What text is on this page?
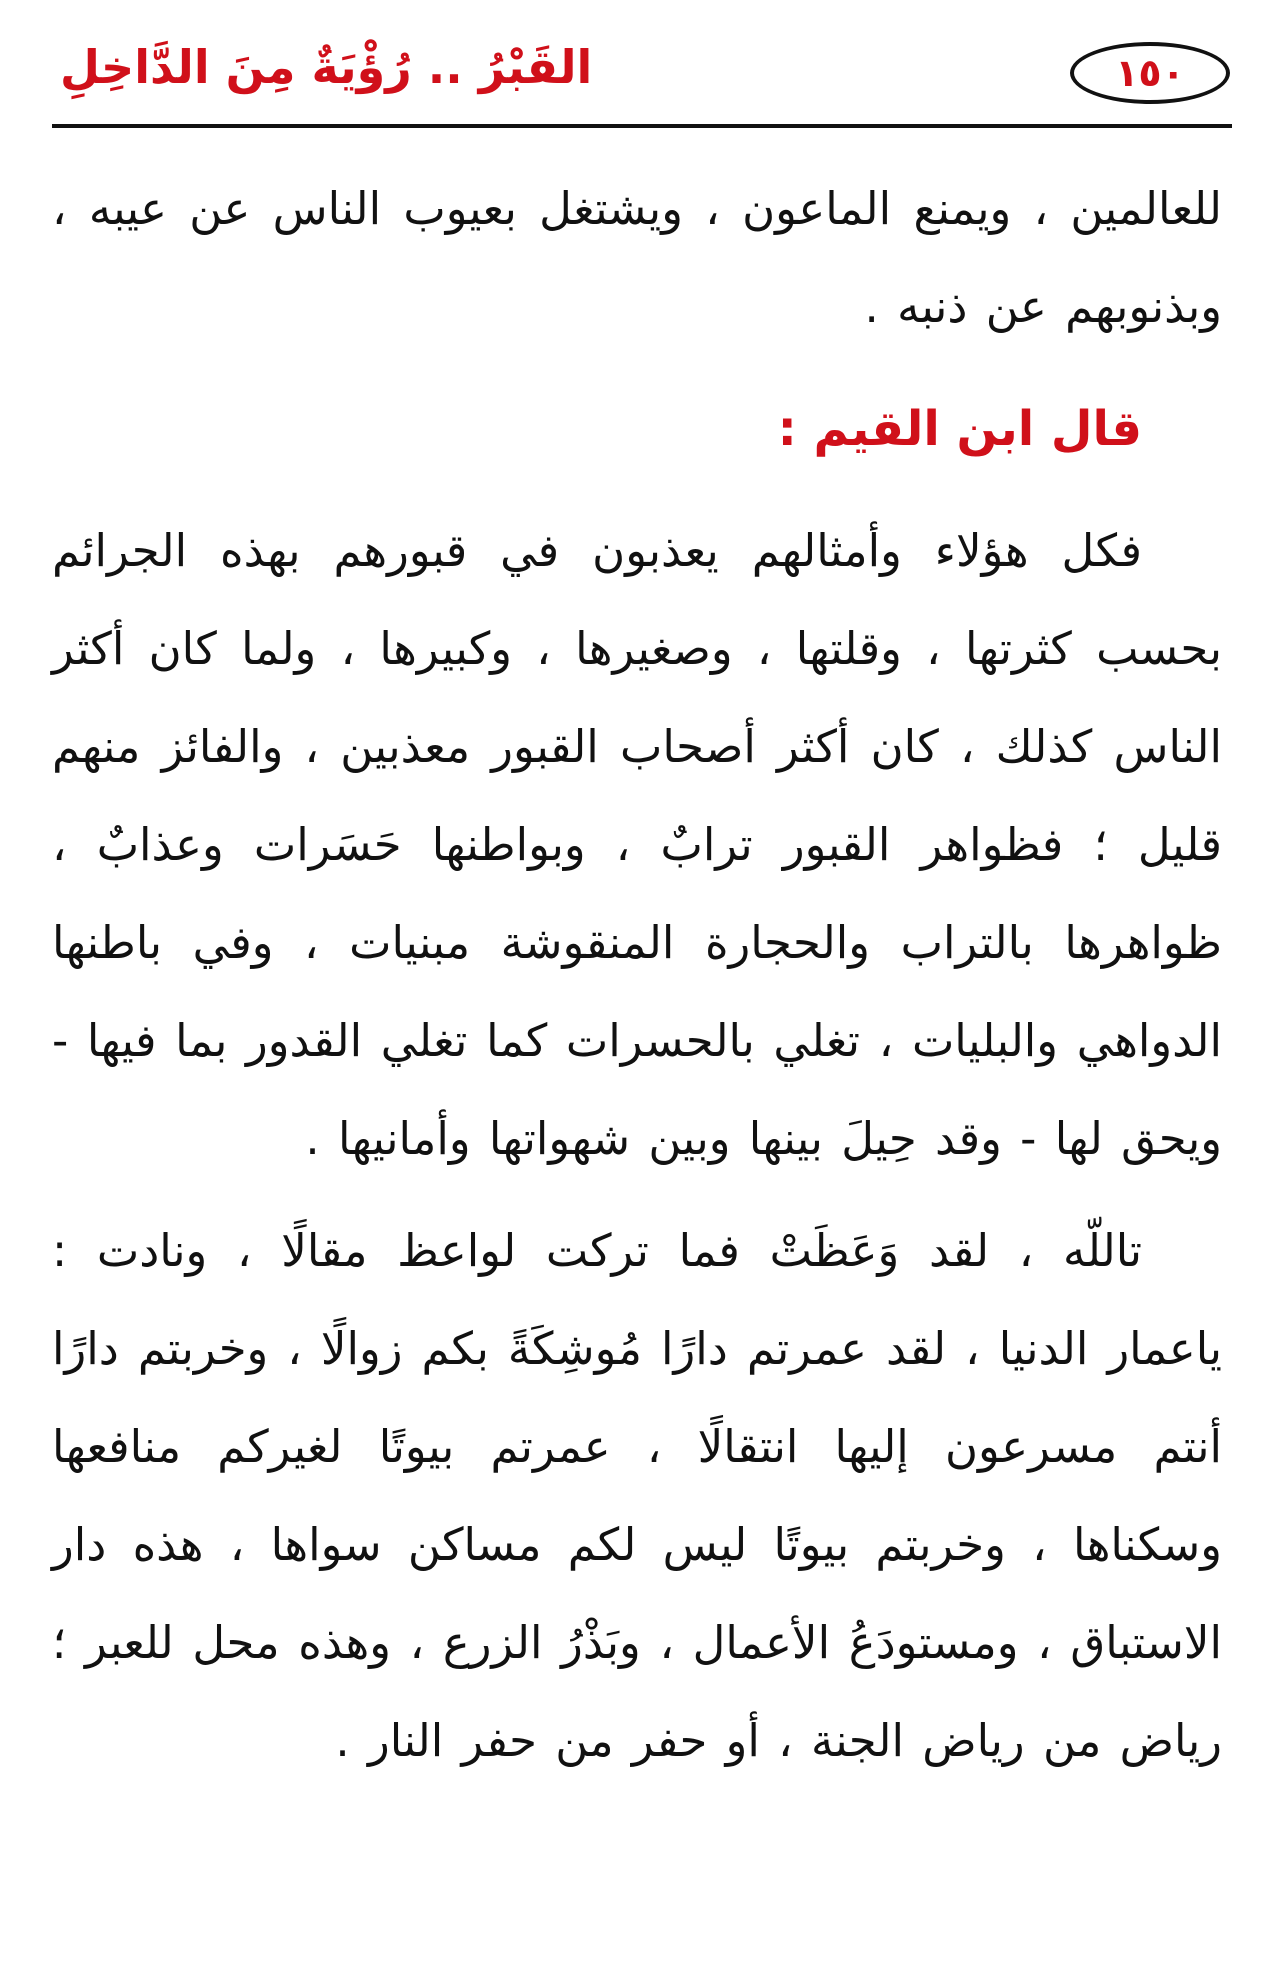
١٥٠
القَبْرُ .. رُؤْيَةٌ مِنَ الدَّاخِلِ

للعالمين ، ويمنع الماعون ، ويشتغل بعيوب الناس عن عيبه ، وبذنوبهم عن ذنبه .

قال ابن القيم :

فكل هؤلاء وأمثالهم يعذبون في قبورهم بهذه الجرائم بحسب كثرتها ، وقلتها ، وصغيرها ، وكبيرها ، ولما كان أكثر الناس كذلك ، كان أكثر أصحاب القبور معذبين ، والفائز منهم قليل ؛ فظواهر القبور ترابٌ ، وبواطنها حَسَرات وعذابٌ ، ظواهرها بالتراب والحجارة المنقوشة مبنيات ، وفي باطنها الدواهي والبليات ، تغلي بالحسرات كما تغلي القدور بما فيها - ويحق لها - وقد حِيلَ بينها وبين شهواتها وأمانيها .

تاللّه ، لقد وَعَظَتْ فما تركت لواعظ مقالًا ، ونادت : ياعمار الدنيا ، لقد عمرتم دارًا مُوشِكَةً بكم زوالًا ، وخربتم دارًا أنتم مسرعون إليها انتقالًا ، عمرتم بيوتًا لغيركم منافعها وسكناها ، وخربتم بيوتًا ليس لكم مساكن سواها ، هذه دار الاستباق ، ومستودَعُ الأعمال ، وبَذْرُ الزرع ، وهذه محل للعبر ؛ رياض من رياض الجنة ، أو حفر من حفر النار .
